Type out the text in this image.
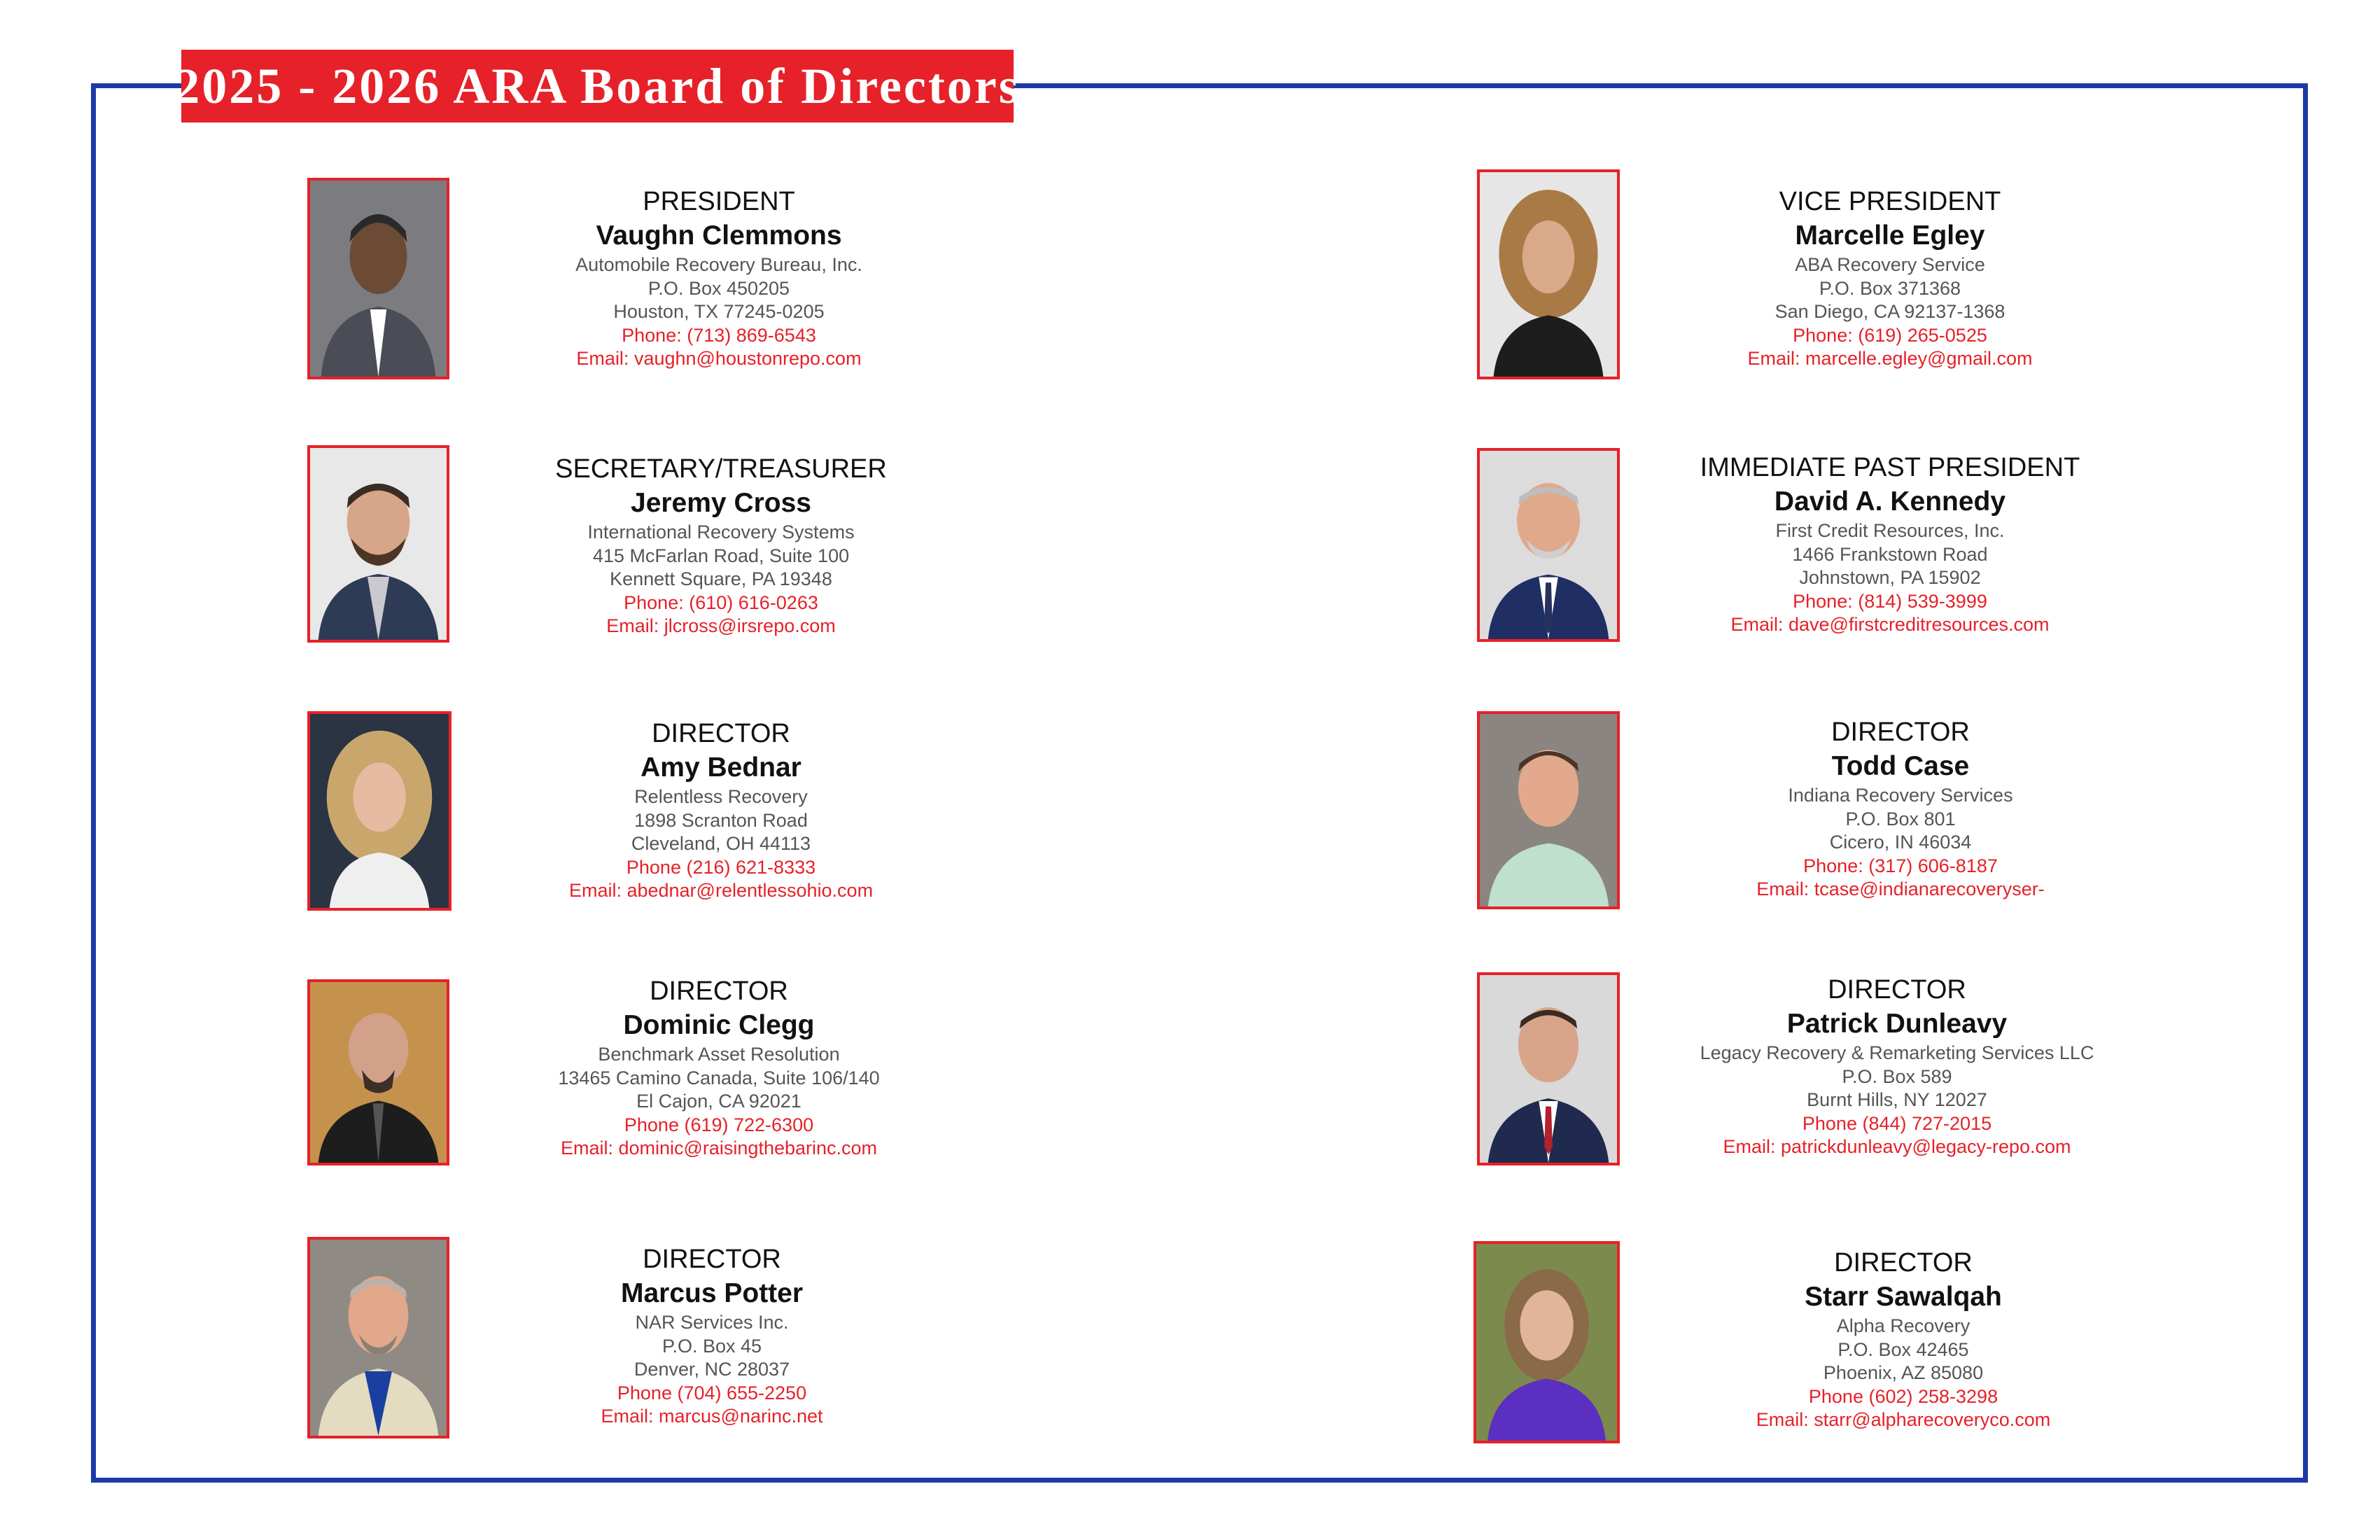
2025 - 2026 ARA Board of Directors
PRESIDENT
Vaughn Clemmons
Automobile Recovery Bureau, Inc.
P.O. Box 450205
Houston, TX 77245-0205
Phone: (713) 869-6543
Email: vaughn@houstonrepo.com
VICE PRESIDENT
Marcelle Egley
ABA Recovery Service
P.O. Box 371368
San Diego, CA 92137-1368
Phone: (619) 265-0525
Email: marcelle.egley@gmail.com
SECRETARY/TREASURER
Jeremy Cross
International Recovery Systems
415 McFarlan Road, Suite 100
Kennett Square, PA 19348
Phone: (610) 616-0263
Email: jlcross@irsrepo.com
IMMEDIATE PAST PRESIDENT
David A. Kennedy
First Credit Resources, Inc.
1466 Frankstown Road
Johnstown, PA 15902
Phone: (814) 539-3999
Email: dave@firstcreditresources.com
DIRECTOR
Amy Bednar
Relentless Recovery
1898 Scranton Road
Cleveland, OH 44113
Phone (216) 621-8333
Email: abednar@relentlessohio.com
DIRECTOR
Todd Case
Indiana Recovery Services
P.O. Box 801
Cicero, IN 46034
Phone: (317) 606-8187
Email: tcase@indianarecoveryser-
DIRECTOR
Dominic Clegg
Benchmark Asset Resolution
13465 Camino Canada, Suite 106/140
El Cajon, CA 92021
Phone (619) 722-6300
Email: dominic@raisingthebarinc.com
DIRECTOR
Patrick Dunleavy
Legacy Recovery & Remarketing Services LLC
P.O. Box 589
Burnt Hills, NY 12027
Phone (844) 727-2015
Email: patrickdunleavy@legacy-repo.com
DIRECTOR
Marcus Potter
NAR Services Inc.
P.O. Box 45
Denver, NC 28037
Phone (704) 655-2250
Email: marcus@narinc.net
DIRECTOR
Starr Sawalqah
Alpha Recovery
P.O. Box 42465
Phoenix, AZ 85080
Phone (602) 258-3298
Email: starr@alpharecoveryco.com
